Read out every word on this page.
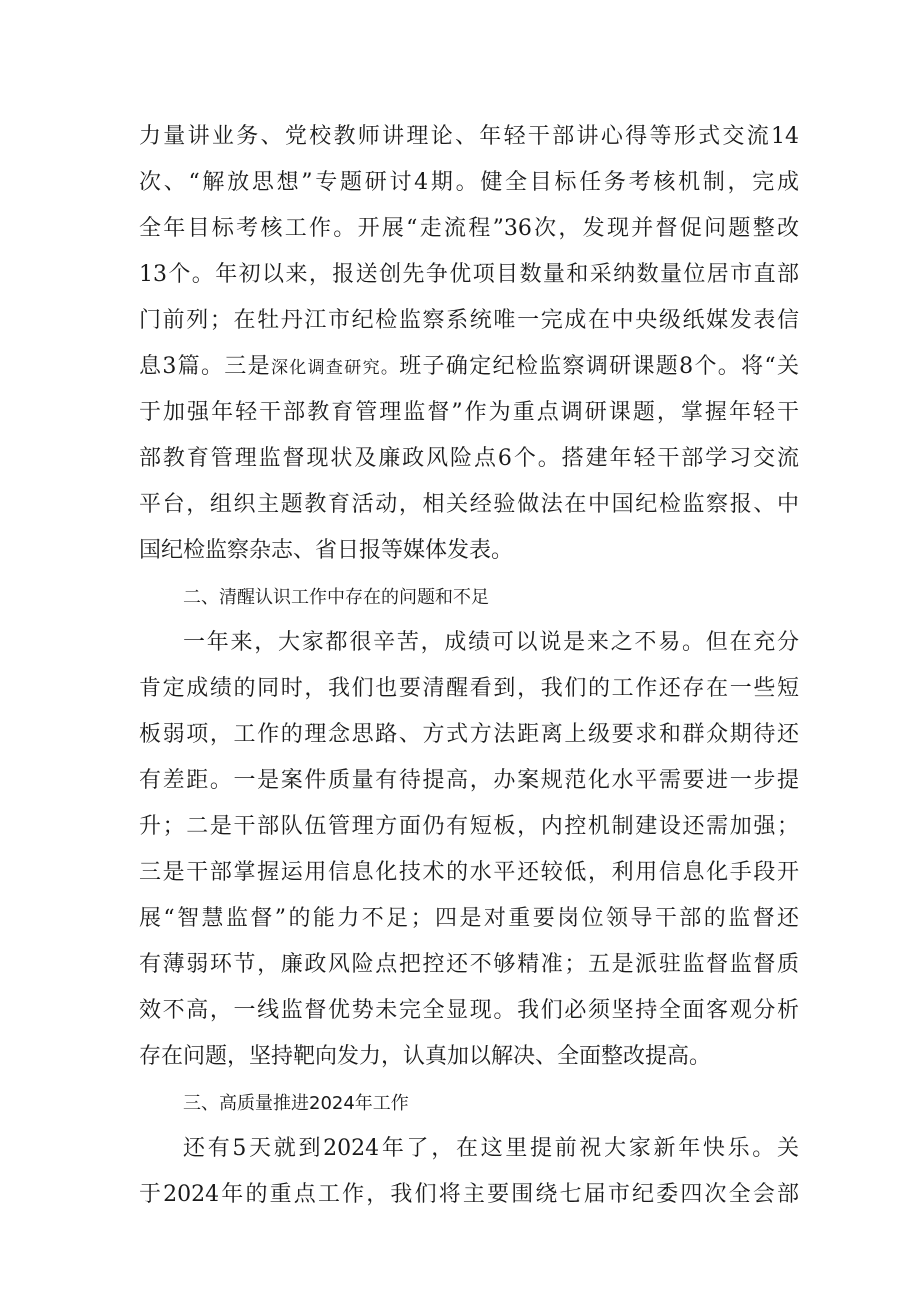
力量讲业务、党校教师讲理论、年轻干部讲心得等形式交流14
次、“解放思想”专题研讨4期。健全目标任务考核机制，完成
全年目标考核工作。开展“走流程”36次，发现并督促问题整改
13个。年初以来，报送创先争优项目数量和采纳数量位居市直部
门前列；在牡丹江市纪检监察系统唯一完成在中央级纸媒发表信
息3篇。三是深化调查研究。班子确定纪检监察调研课题8个。将“关
于加强年轻干部教育管理监督”作为重点调研课题，掌握年轻干
部教育管理监督现状及廉政风险点6个。搭建年轻干部学习交流
平台，组织主题教育活动，相关经验做法在中国纪检监察报、中
国纪检监察杂志、省日报等媒体发表。
二、清醒认识工作中存在的问题和不足
一年来，大家都很辛苦，成绩可以说是来之不易。但在充分
肯定成绩的同时，我们也要清醒看到，我们的工作还存在一些短
板弱项，工作的理念思路、方式方法距离上级要求和群众期待还
有差距。一是案件质量有待提高，办案规范化水平需要进一步提
升；二是干部队伍管理方面仍有短板，内控机制建设还需加强；
三是干部掌握运用信息化技术的水平还较低，利用信息化手段开
展“智慧监督”的能力不足；四是对重要岗位领导干部的监督还
有薄弱环节，廉政风险点把控还不够精准；五是派驻监督监督质
效不高，一线监督优势未完全显现。我们必须坚持全面客观分析
存在问题，坚持靶向发力，认真加以解决、全面整改提高。
三、高质量推进2024年工作
还有5天就到2024年了，在这里提前祝大家新年快乐。关
于2024年的重点工作，我们将主要围绕七届市纪委四次全会部
